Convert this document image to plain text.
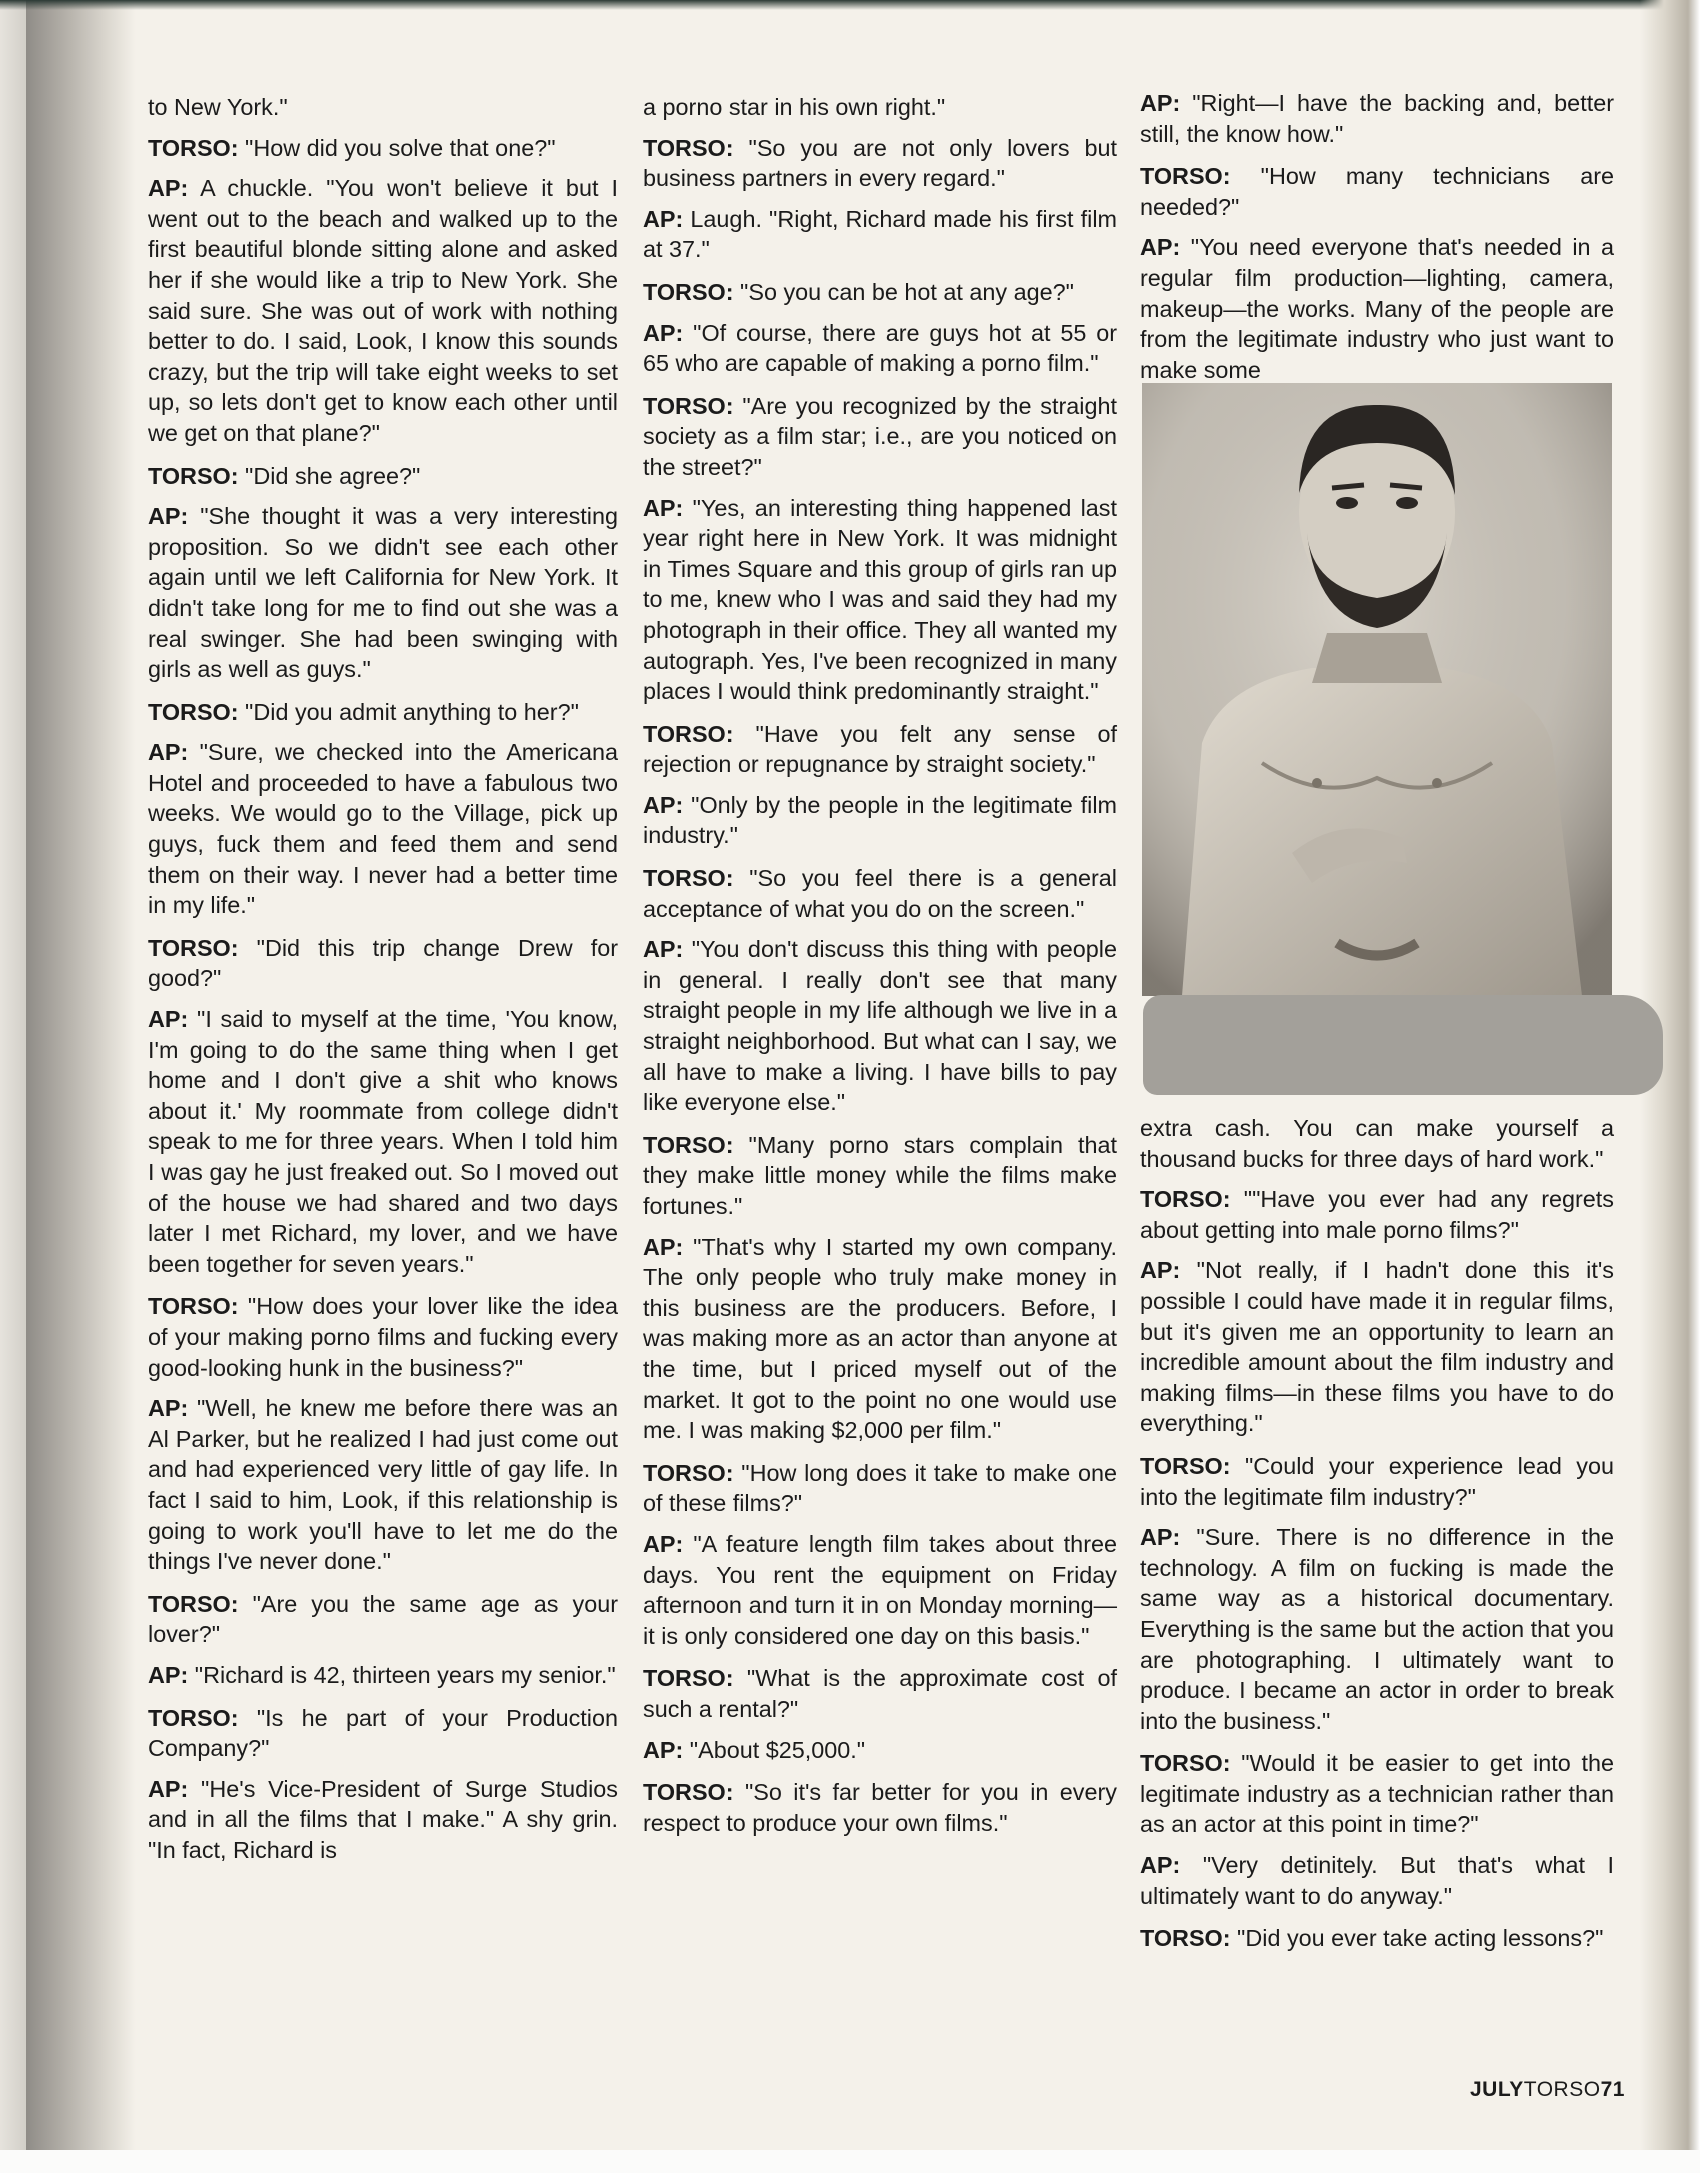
to New York."

TORSO: "How did you solve that one?"

AP: A chuckle. "You won't believe it but I went out to the beach and walked up to the first beautiful blonde sitting alone and asked her if she would like a trip to New York. She said sure. She was out of work with nothing better to do. I said, Look, I know this sounds crazy, but the trip will take eight weeks to set up, so lets don't get to know each other until we get on that plane?"

TORSO: "Did she agree?"

AP: "She thought it was a very interesting proposition. So we didn't see each other again until we left California for New York. It didn't take long for me to find out she was a real swinger. She had been swinging with girls as well as guys."

TORSO: "Did you admit anything to her?"

AP: "Sure, we checked into the Americana Hotel and proceeded to have a fabulous two weeks. We would go to the Village, pick up guys, fuck them and feed them and send them on their way. I never had a better time in my life."

TORSO: "Did this trip change Drew for good?"

AP: "I said to myself at the time, 'You know, I'm going to do the same thing when I get home and I don't give a shit who knows about it.' My roommate from college didn't speak to me for three years. When I told him I was gay he just freaked out. So I moved out of the house we had shared and two days later I met Richard, my lover, and we have been together for seven years."

TORSO: "How does your lover like the idea of your making porno films and fucking every good-looking hunk in the business?"

AP: "Well, he knew me before there was an Al Parker, but he realized I had just come out and had experienced very little of gay life. In fact I said to him, Look, if this relationship is going to work you'll have to let me do the things I've never done."

TORSO: "Are you the same age as your lover?"

AP: "Richard is 42, thirteen years my senior."

TORSO: "Is he part of your Production Company?"

AP: "He's Vice-President of Surge Studios and in all the films that I make." A shy grin. "In fact, Richard is

a porno star in his own right."

TORSO: "So you are not only lovers but business partners in every regard."

AP: Laugh. "Right, Richard made his first film at 37."

TORSO: "So you can be hot at any age?"

AP: "Of course, there are guys hot at 55 or 65 who are capable of making a porno film."

TORSO: "Are you recognized by the straight society as a film star; i.e., are you noticed on the street?"

AP: "Yes, an interesting thing happened last year right here in New York. It was midnight in Times Square and this group of girls ran up to me, knew who I was and said they had my photograph in their office. They all wanted my autograph. Yes, I've been recognized in many places I would think predominantly straight."

TORSO: "Have you felt any sense of rejection or repugnance by straight society."

AP: "Only by the people in the legitimate film industry."

TORSO: "So you feel there is a general acceptance of what you do on the screen."

AP: "You don't discuss this thing with people in general. I really don't see that many straight people in my life although we live in a straight neighborhood. But what can I say, we all have to make a living. I have bills to pay like everyone else."

TORSO: "Many porno stars complain that they make little money while the films make fortunes."

AP: "That's why I started my own company. The only people who truly make money in this business are the producers. Before, I was making more as an actor than anyone at the time, but I priced myself out of the market. It got to the point no one would use me. I was making $2,000 per film."

TORSO: "How long does it take to make one of these films?"

AP: "A feature length film takes about three days. You rent the equipment on Friday afternoon and turn it in on Monday morning—it is only considered one day on this basis."

TORSO: "What is the approximate cost of such a rental?"

AP: "About $25,000."

TORSO: "So it's far better for you in every respect to produce your own films."

AP: "Right—I have the backing and, better still, the know how."

TORSO: "How many technicians are needed?"

AP: "You need everyone that's needed in a regular film production—lighting, camera, makeup—the works. Many of the people are from the legitimate industry who just want to make some

extra cash. You can make yourself a thousand bucks for three days of hard work."

TORSO: ""Have you ever had any regrets about getting into male porno films?"

AP: "Not really, if I hadn't done this it's possible I could have made it in regular films, but it's given me an opportunity to learn an incredible amount about the film industry and making films—in these films you have to do everything."

TORSO: "Could your experience lead you into the legitimate film industry?"

AP: "Sure. There is no difference in the technology. A film on fucking is made the same way as a historical documentary. Everything is the same but the action that you are photographing. I ultimately want to produce. I became an actor in order to break into the business."

TORSO: "Would it be easier to get into the legitimate industry as a technician rather than as an actor at this point in time?"

AP: "Very detinitely. But that's what I ultimately want to do anyway."

TORSO: "Did you ever take acting lessons?"

JULYTORSO71
